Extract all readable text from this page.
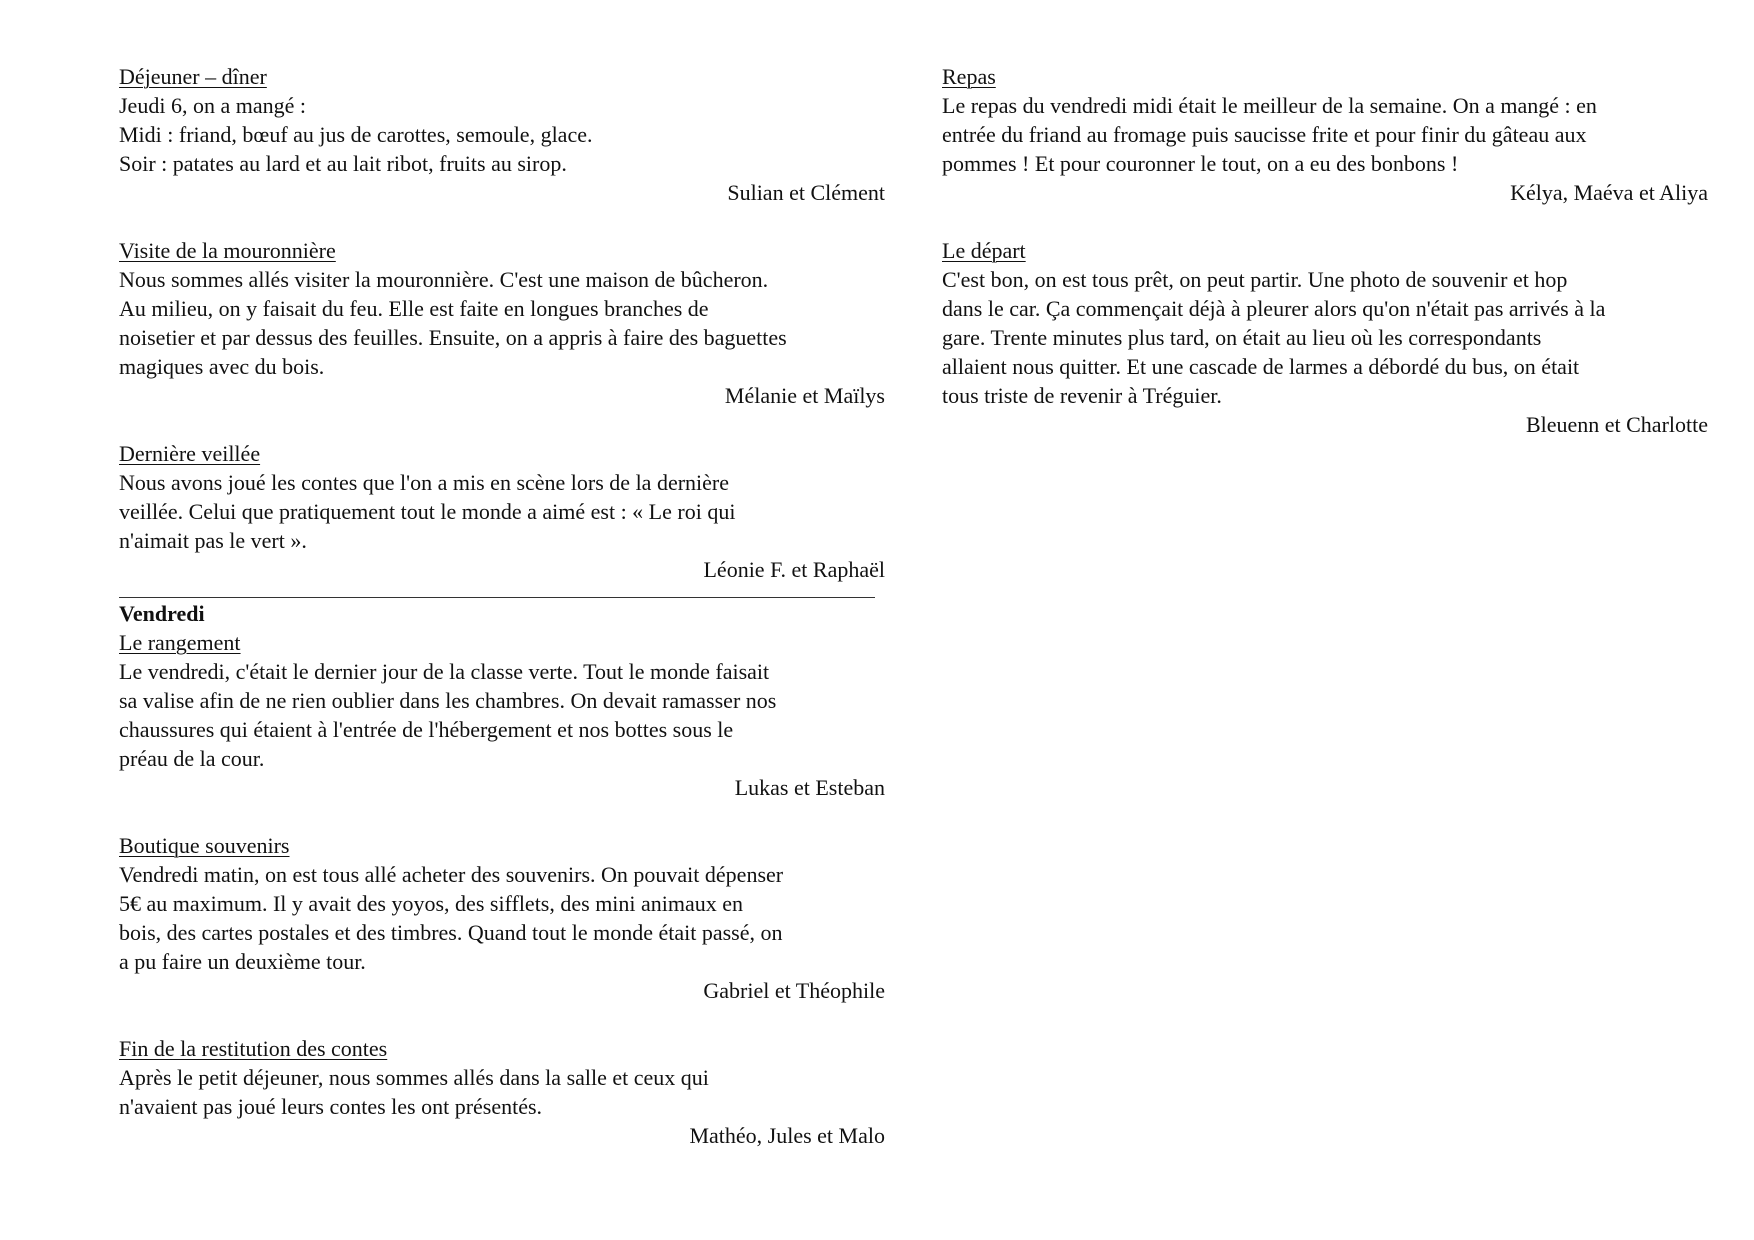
Déjeuner – dîner
Jeudi 6, on a mangé :
Midi : friand, bœuf au jus de carottes, semoule, glace.
Soir : patates au lard et au lait ribot, fruits au sirop.
Sulian et Clément
Visite de la mouronnière
Nous sommes allés visiter la mouronnière. C'est une maison de bûcheron.
Au milieu, on y faisait du feu. Elle est faite en longues branches de
noisetier et par dessus des feuilles. Ensuite, on a appris à faire des baguettes
magiques avec du bois.
Mélanie et Maïlys
Dernière veillée
Nous avons joué les contes que l'on a mis en scène lors de la dernière
veillée. Celui que pratiquement tout le monde a aimé est : « Le roi qui
n'aimait pas le vert ».
Léonie F. et Raphaël
Vendredi
Le rangement
Le vendredi, c'était le dernier jour de la classe verte. Tout le monde faisait
sa valise afin de ne rien oublier dans les chambres. On devait ramasser nos
chaussures qui étaient à l'entrée de l'hébergement et nos bottes sous le
préau de la cour.
Lukas et Esteban
Boutique souvenirs
Vendredi matin, on est tous allé acheter des souvenirs. On pouvait dépenser
5€ au maximum. Il y avait des yoyos, des sifflets, des mini animaux en
bois, des cartes postales et des timbres. Quand tout le monde était passé, on
a pu faire un deuxième tour.
Gabriel et Théophile
Fin de la restitution des contes
Après le petit déjeuner, nous sommes allés dans la salle et ceux qui
n'avaient pas joué leurs contes les ont présentés.
Mathéo, Jules et Malo
Repas
Le repas du vendredi midi était le meilleur de la semaine. On a mangé : en
entrée du friand au fromage puis saucisse frite et pour finir du gâteau aux
pommes ! Et pour couronner le tout, on a eu des bonbons !
Kélya, Maéva et Aliya
Le départ
C'est bon, on est tous prêt, on peut partir. Une photo de souvenir et hop
dans le car. Ça commençait déjà à pleurer alors qu'on n'était pas arrivés à la
gare. Trente minutes plus tard, on était au lieu où les correspondants
allaient nous quitter. Et une cascade de larmes a débordé du bus, on était
tous triste de revenir à Tréguier.
Bleuenn et Charlotte
